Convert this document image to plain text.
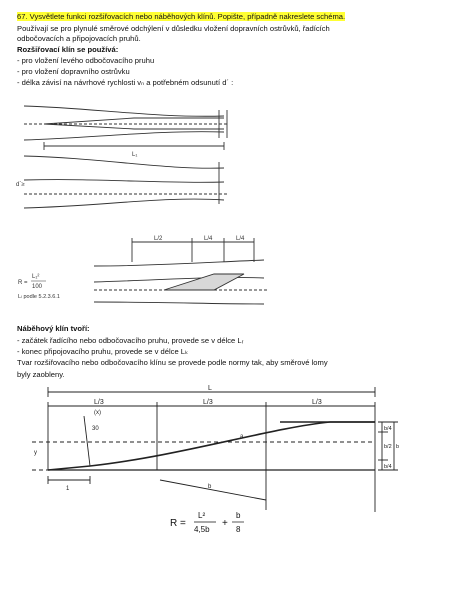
67. Vysvětlete funkci rozšiřovacích nebo náběhových klínů. Popište, případně nakreslete schéma.
Používají se pro plynulé směrové odchýlení v důsledku vložení dopravních ostrůvků, řadících
odbočovacích a připojovacích pruhů.
Rozšiřovací klín se používá:
- pro vložení levého odbočovacího pruhu
- pro vložení dopravního ostrůvku
- délka závisí na návrhové rychlosti vₙ a potřebném odsunutí d´ :
L₁
d´≥
L/2	L/4	L/4
R =
L₁²
100
Lₗ podle 5.2.3.6.1
Náběhový klín tvoří:
- začátek řadícího nebo odbočovacího pruhu, provede se v délce Lᵣ
- konec připojovacího pruhu, provede se v délce Lₖ
Tvar rozšiřovacího nebo odbočovacího klínu se provede podle normy tak, aby směrové lomy
byly zaobleny.
L
L/3
(x)
L/3	L/3
y
1
30
a
b
b/4
b/2
b/4
b
R =
L²
4,5b
+
b
8
